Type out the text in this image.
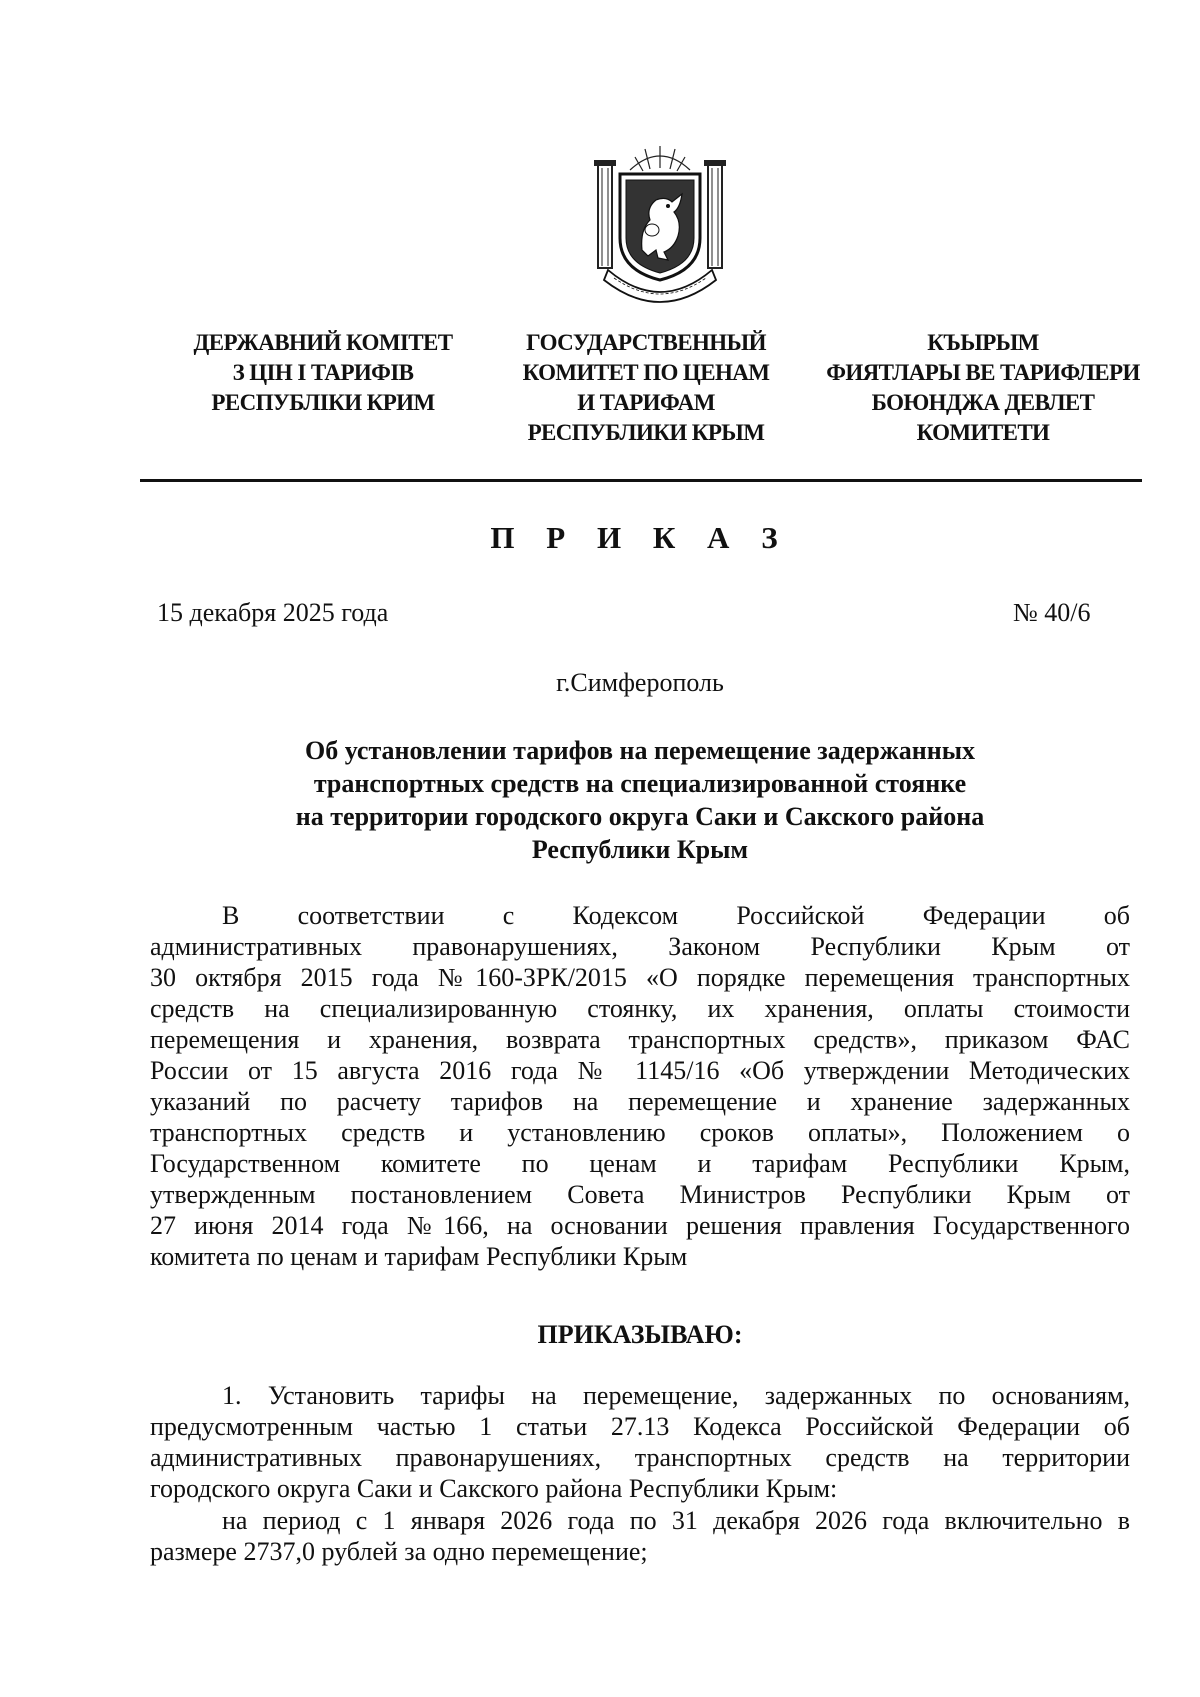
ДЕРЖАВНИЙ КОМІТЕТ
З ЦІН І ТАРИФІВ
РЕСПУБЛІКИ КРИМ
ГОСУДАРСТВЕННЫЙ
КОМИТЕТ ПО ЦЕНАМ
И ТАРИФАМ
РЕСПУБЛИКИ КРЫМ
КЪЫРЫМ
ФИЯТЛАРЫ ВЕ ТАРИФЛЕРИ
БОЮНДЖА ДЕВЛЕТ
КОМИТЕТИ
П Р И К А З
15 декабря 2025 года	№ 40/6
г.Симферополь
Об установлении тарифов на перемещение задержанных
транспортных средств на специализированной стоянке
на территории городского округа Саки и Сакского района
Республики Крым
В соответствии с Кодексом Российской Федерации об
административных правонарушениях, Законом Республики Крым от
30 октября 2015 года №160-ЗРК/2015 «О порядке перемещения транспортных
средств на специализированную стоянку, их хранения, оплаты стоимости
перемещения и хранения, возврата транспортных средств», приказом ФАС
России от 15 августа 2016 года № 1145/16 «Об утверждении Методических
указаний по расчету тарифов на перемещение и хранение задержанных
транспортных средств и установлению сроков оплаты», Положением о
Государственном комитете по ценам и тарифам Республики Крым,
утвержденным постановлением Совета Министров Республики Крым от
27 июня 2014 года №166, на основании решения правления Государственного
комитета по ценам и тарифам Республики Крым
ПРИКАЗЫВАЮ:
1. Установить тарифы на перемещение, задержанных по основаниям,
предусмотренным частью 1 статьи 27.13 Кодекса Российской Федерации об
административных правонарушениях, транспортных средств на территории
городского округа Саки и Сакского района Республики Крым:
на период с 1 января 2026 года по 31 декабря 2026 года включительно в
размере 2737,0 рублей за одно перемещение;
